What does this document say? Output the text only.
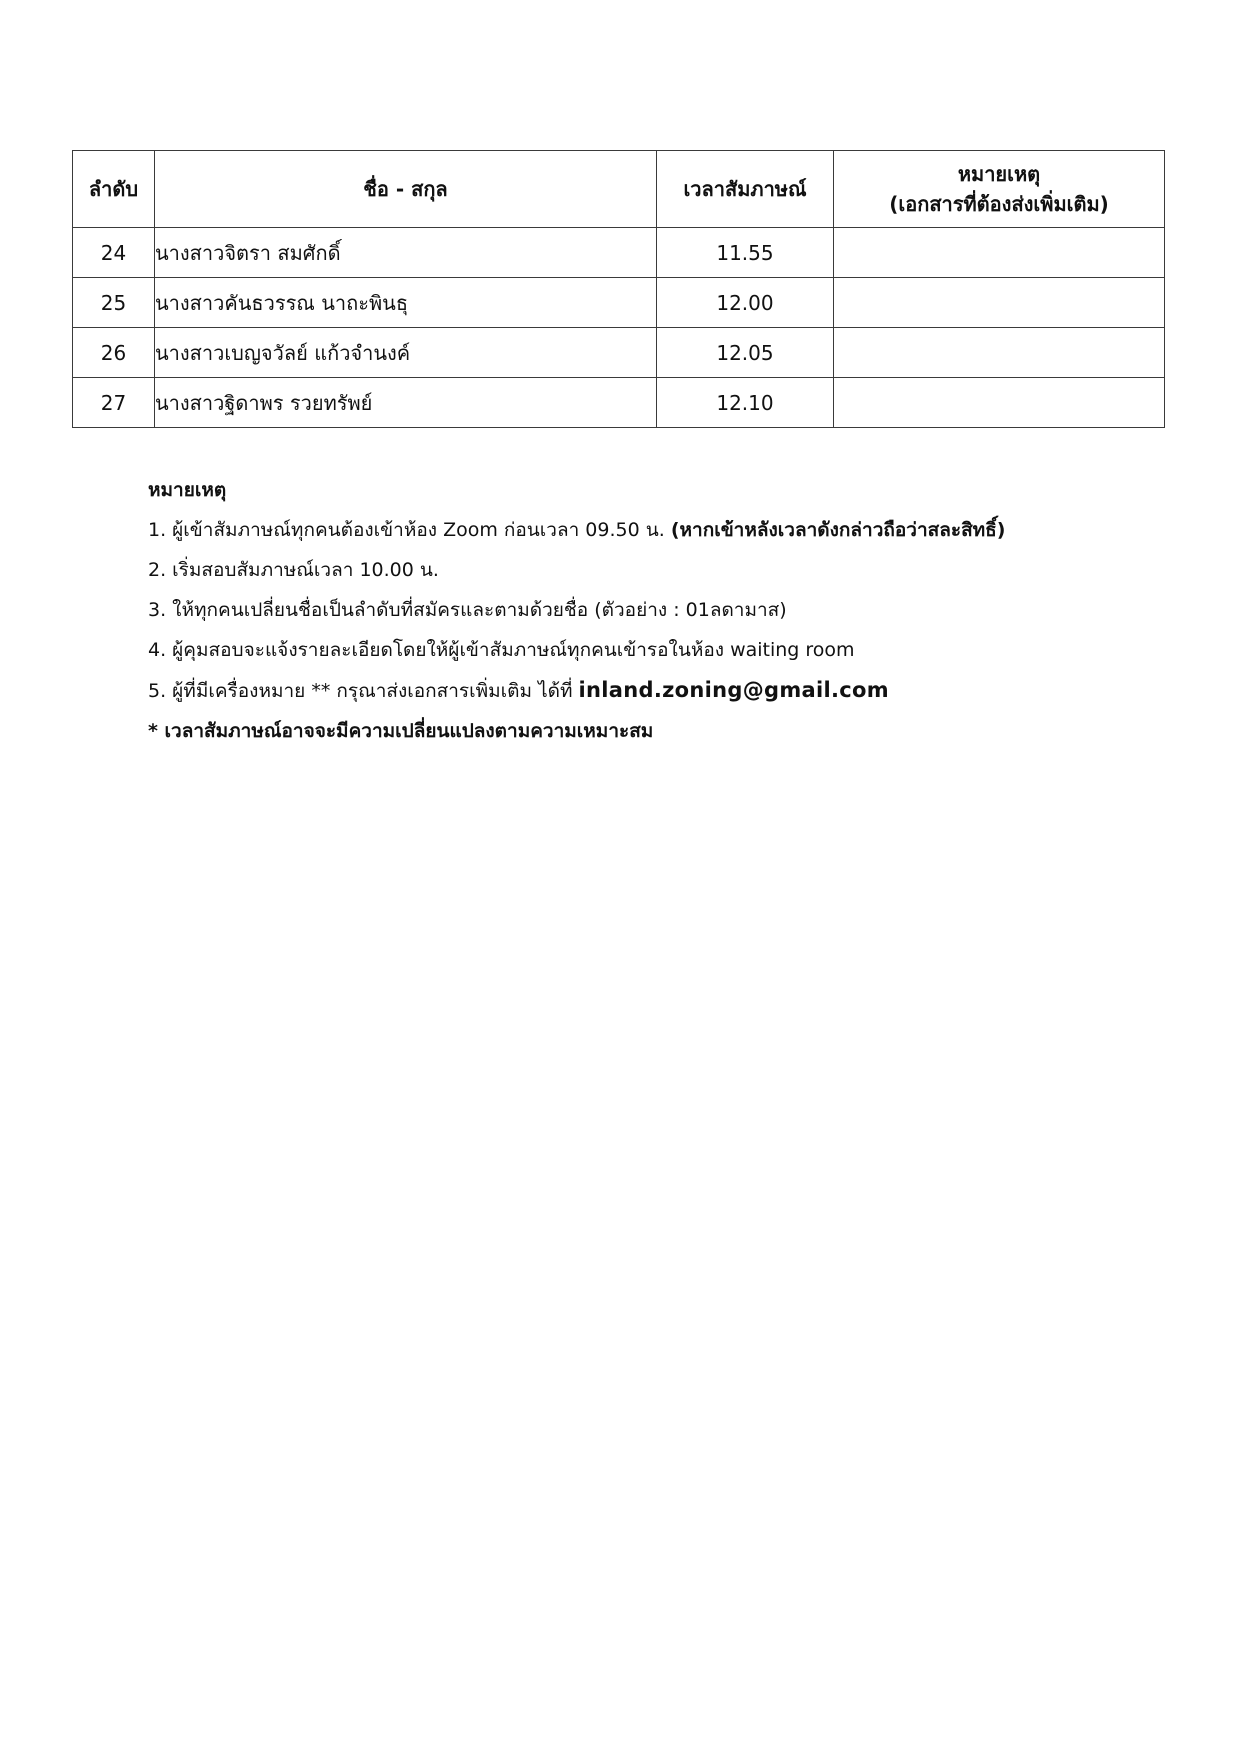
ลำดับ	ชื่อ - สกุล	เวลาสัมภาษณ์	หมายเหตุ
(เอกสารที่ต้องส่งเพิ่มเติม)

24	นางสาวจิตรา สมศักดิ์	11.55	
25	นางสาวคันธวรรณ นาถะพินธุ	12.00	
26	นางสาวเบญจวัลย์ แก้วจำนงค์	12.05	
27	นางสาวฐิดาพร รวยทรัพย์	12.10	
หมายเหตุ
1. ผู้เข้าสัมภาษณ์ทุกคนต้องเข้าห้อง Zoom ก่อนเวลา 09.50 น. (หากเข้าหลังเวลาดังกล่าวถือว่าสละสิทธิ์)
2. เริ่มสอบสัมภาษณ์เวลา 10.00 น.
3. ให้ทุกคนเปลี่ยนชื่อเป็นลำดับที่สมัครและตามด้วยชื่อ (ตัวอย่าง : 01ลดามาส)
4. ผู้คุมสอบจะแจ้งรายละเอียดโดยให้ผู้เข้าสัมภาษณ์ทุกคนเข้ารอในห้อง waiting room
5. ผู้ที่มีเครื่องหมาย ** กรุณาส่งเอกสารเพิ่มเติม ได้ที่ inland.zoning@gmail.com
* เวลาสัมภาษณ์อาจจะมีความเปลี่ยนแปลงตามความเหมาะสม
